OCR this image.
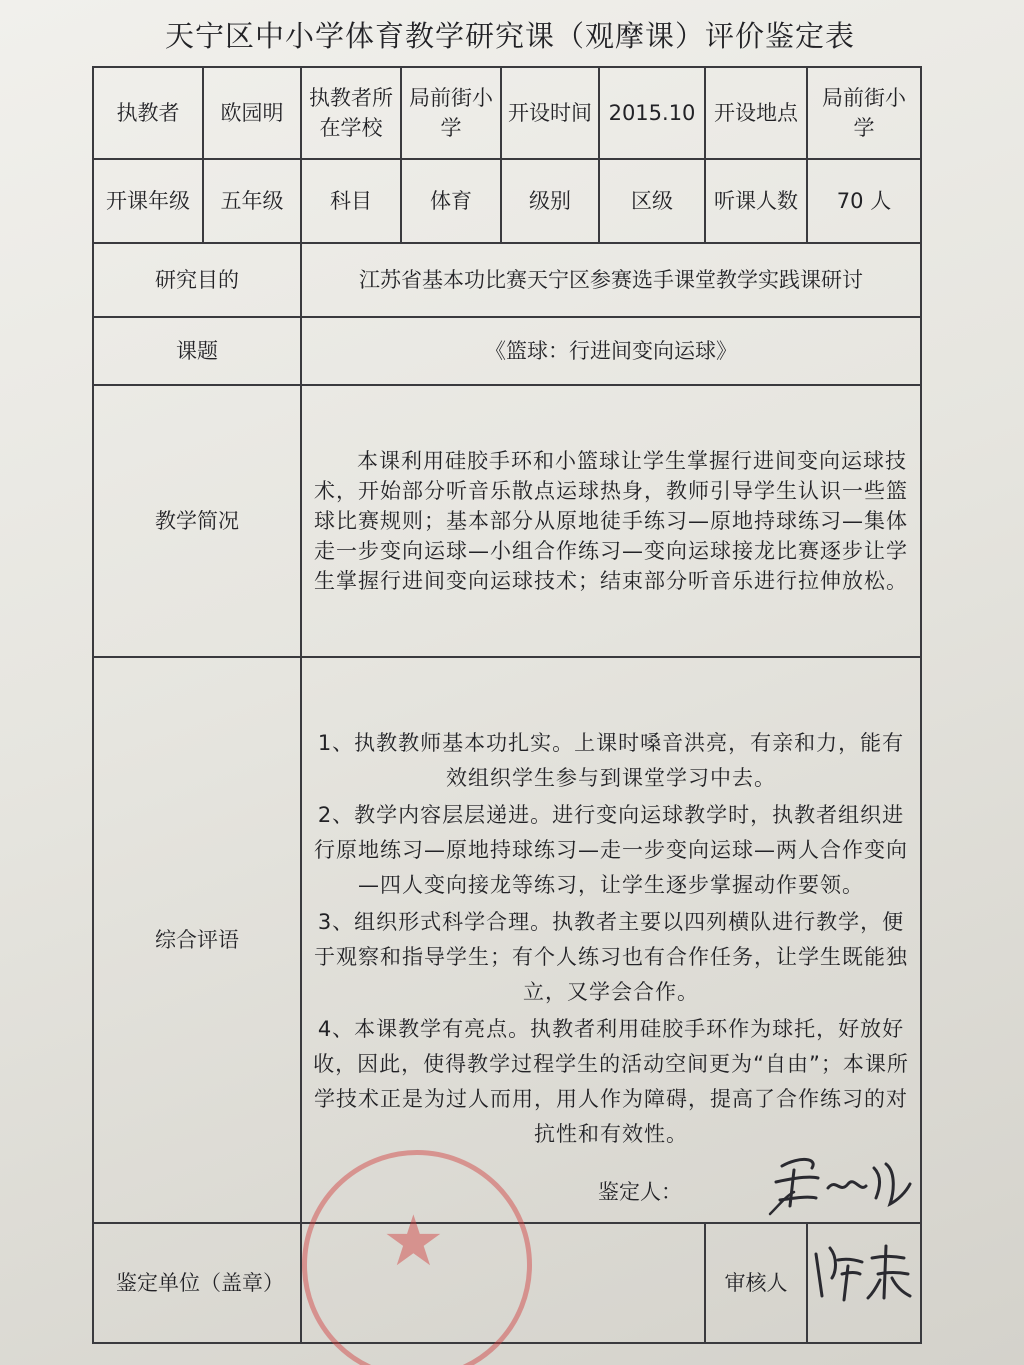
天宁区中小学体育教学研究课（观摩课）评价鉴定表
执教者	欧园明	执教者所在学校	局前街小学	开设时间	2015.10	开设地点	局前街小学
开课年级	五年级	科目	体育	级别	区级	听课人数	70 人
研究目的		江苏省基本功比赛天宁区参赛选手课堂教学实践课研讨					
课题		《篮球：行进间变向运球》					
教学简况		本课利用硅胶手环和小篮球让学生掌握行进间变向运球技术，开始部分听音乐散点运球热身，教师引导学生认识一些篮球比赛规则；基本部分从原地徒手练习—原地持球练习—集体走一步变向运球—小组合作练习—变向运球接龙比赛逐步让学生掌握行进间变向运球技术；结束部分听音乐进行拉伸放松。					

综合评语		1、执教教师基本功扎实。上课时嗓音洪亮，有亲和力，能有效组织学生参与到课堂学习中去。
2、教学内容层层递进。进行变向运球教学时，执教者组织进行原地练习—原地持球练习—走一步变向运球—两人合作变向—四人变向接龙等练习，让学生逐步掌握动作要领。
3、组织形式科学合理。执教者主要以四列横队进行教学，便于观察和指导学生；有个人练习也有合作任务，让学生既能独立，又学会合作。
4、本课教学有亮点。执教者利用硅胶手环作为球托，好放好收，因此，使得教学过程学生的活动空间更为“自由”；本课所学技术正是为过人而用，用人作为障碍，提高了合作练习的对抗性和有效性。					

鉴定单位（盖章）						审核人	
鉴定人：
★
